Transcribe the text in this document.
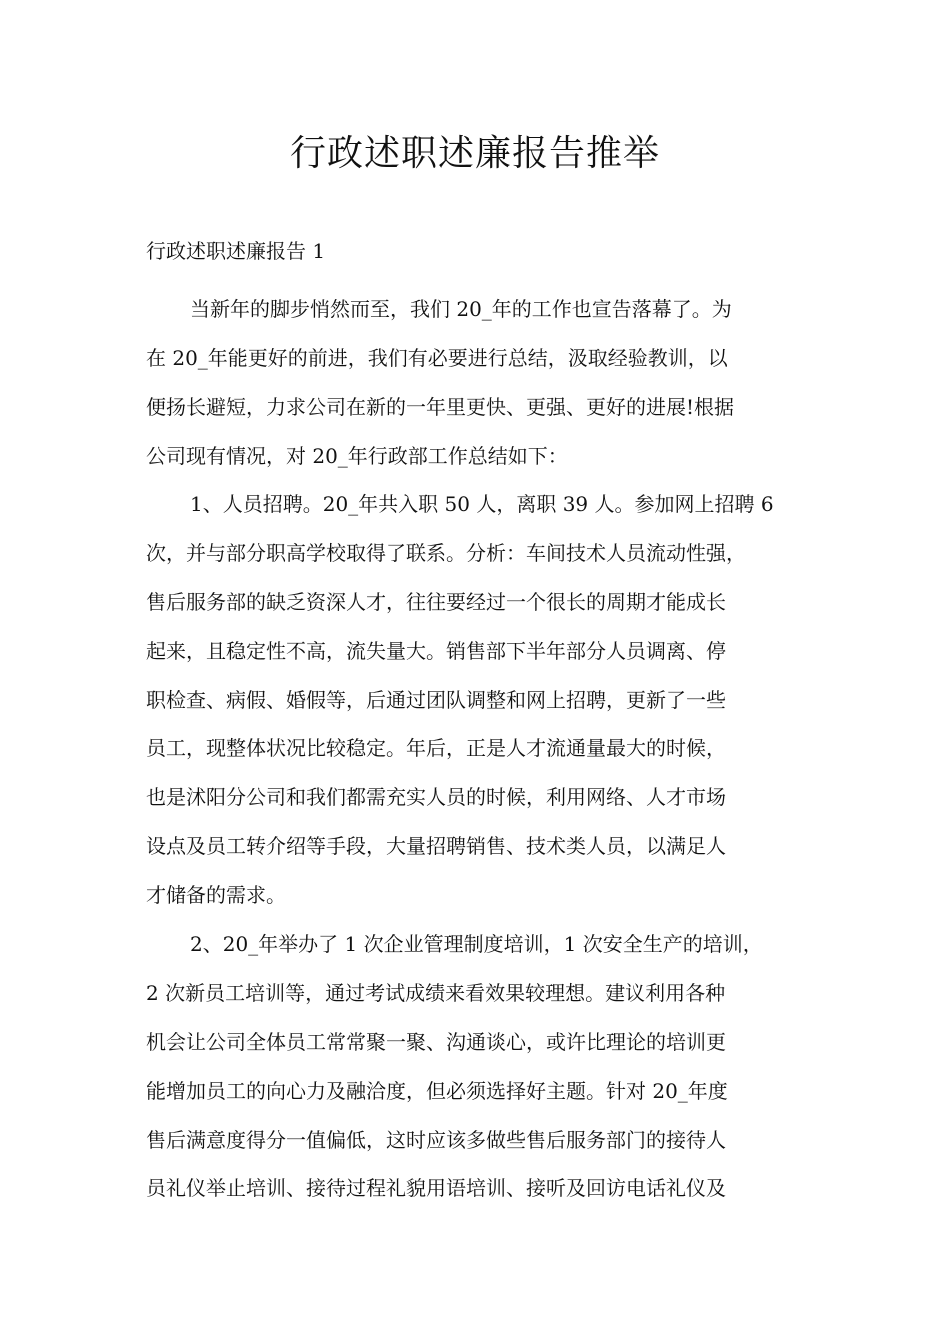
行政述职述廉报告推举
行政述职述廉报告 1
当新年的脚步悄然而至，我们 20_年的工作也宣告落幕了。为
在 20_年能更好的前进，我们有必要进行总结，汲取经验教训，以
便扬长避短，力求公司在新的一年里更快、更强、更好的进展!根据
公司现有情况，对 20_年行政部工作总结如下：
1、人员招聘。20_年共入职 50 人，离职 39 人。参加网上招聘 6
次，并与部分职高学校取得了联系。分析：车间技术人员流动性强，
售后服务部的缺乏资深人才，往往要经过一个很长的周期才能成长
起来，且稳定性不高，流失量大。销售部下半年部分人员调离、停
职检查、病假、婚假等，后通过团队调整和网上招聘，更新了一些
员工，现整体状况比较稳定。年后，正是人才流通量最大的时候，
也是沭阳分公司和我们都需充实人员的时候，利用网络、人才市场
设点及员工转介绍等手段，大量招聘销售、技术类人员，以满足人
才储备的需求。
2、20_年举办了 1 次企业管理制度培训，1 次安全生产的培训，
2 次新员工培训等，通过考试成绩来看效果较理想。建议利用各种
机会让公司全体员工常常聚一聚、沟通谈心，或许比理论的培训更
能增加员工的向心力及融洽度，但必须选择好主题。针对 20_年度
售后满意度得分一值偏低，这时应该多做些售后服务部门的接待人
员礼仪举止培训、接待过程礼貌用语培训、接听及回访电话礼仪及
